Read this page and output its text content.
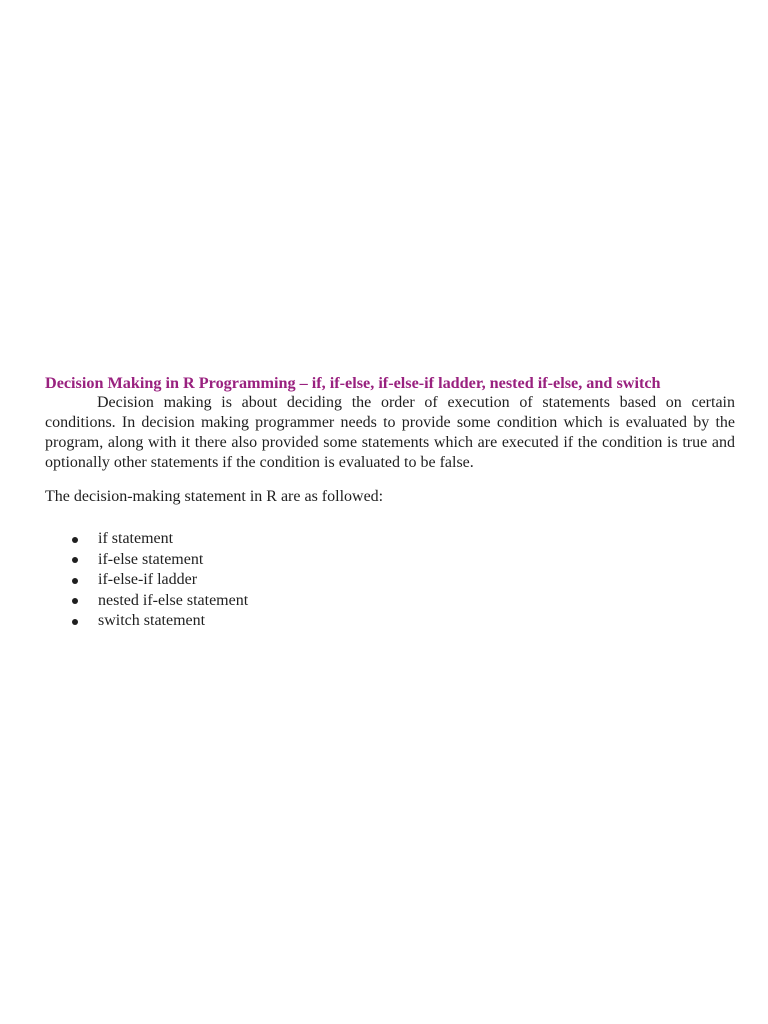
Decision Making in R Programming – if, if-else, if-else-if ladder, nested if-else, and switch

Decision making is about deciding the order of execution of statements based on certain conditions. In decision making programmer needs to provide some condition which is evaluated by the program, along with it there also provided some statements which are executed if the condition is true and optionally other statements if the condition is evaluated to be false.

The decision-making statement in R are as followed:

if statement
if-else statement
if-else-if ladder
nested if-else statement
switch statement
